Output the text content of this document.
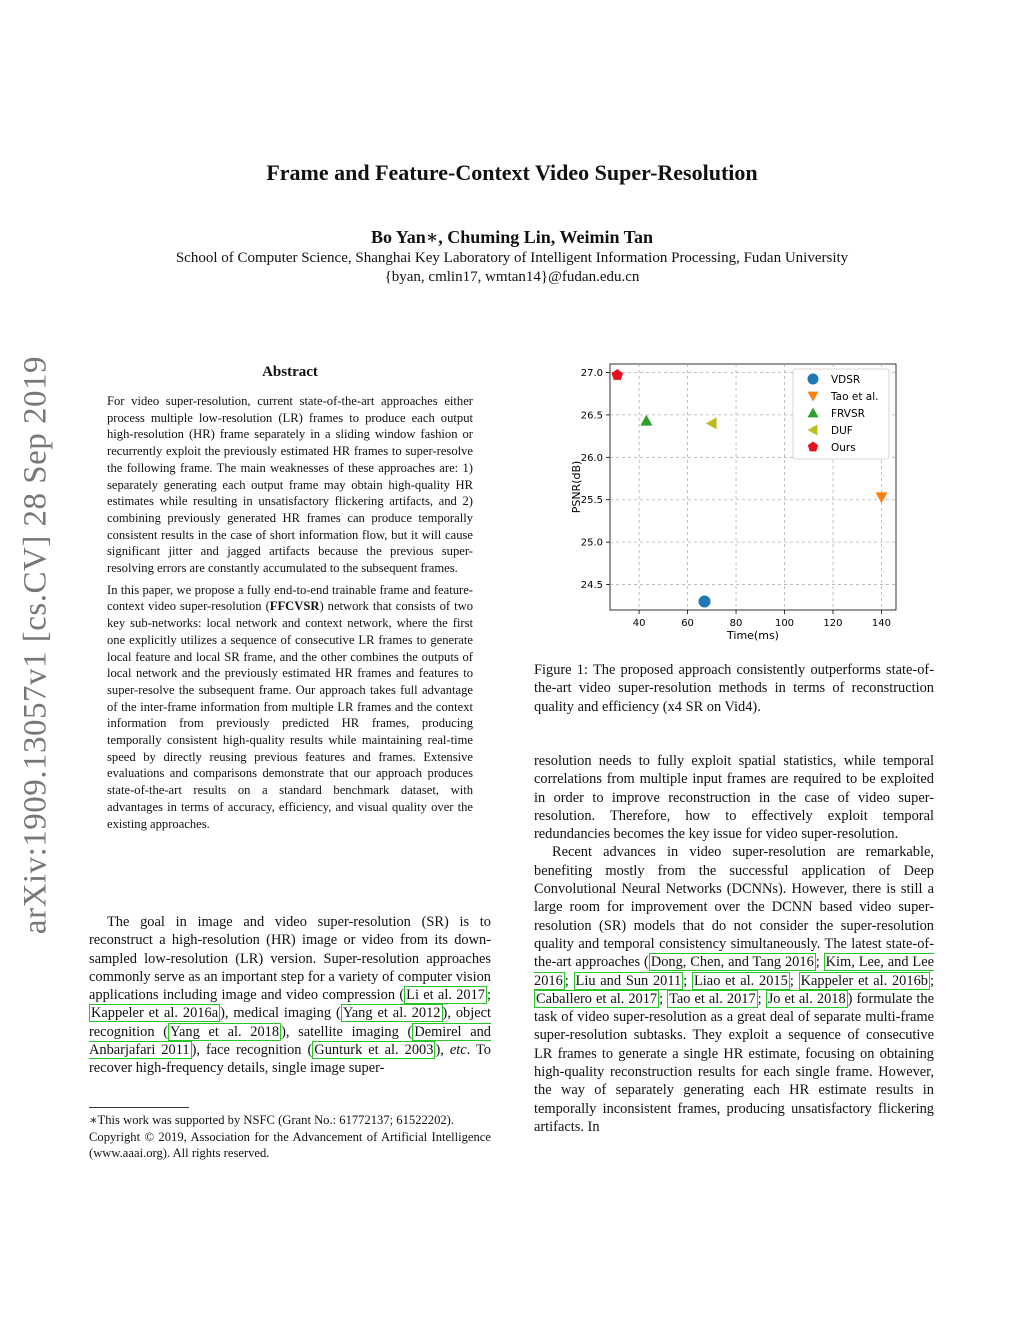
arXiv:1909.13057v1 [cs.CV] 28 Sep 2019
Frame and Feature-Context Video Super-Resolution
Bo Yan∗, Chuming Lin, Weimin Tan
School of Computer Science, Shanghai Key Laboratory of Intelligent Information Processing, Fudan University
{byan, cmlin17, wmtan14}@fudan.edu.cn
Abstract

For video super-resolution, current state-of-the-art approaches either process multiple low-resolution (LR) frames to produce each output high-resolution (HR) frame separately in a sliding window fashion or recurrently exploit the previously estimated HR frames to super-resolve the following frame. The main weaknesses of these approaches are: 1) separately generating each output frame may obtain high-quality HR estimates while resulting in unsatisfactory flickering artifacts, and 2) combining previously generated HR frames can produce temporally consistent results in the case of short information flow, but it will cause significant jitter and jagged artifacts because the previous super-resolving errors are constantly accumulated to the subsequent frames.

In this paper, we propose a fully end-to-end trainable frame and feature-context video super-resolution (FFCVSR) network that consists of two key sub-networks: local network and context network, where the first one explicitly utilizes a sequence of consecutive LR frames to generate local feature and local SR frame, and the other combines the outputs of local network and the previously estimated HR frames and features to super-resolve the subsequent frame. Our approach takes full advantage of the inter-frame information from multiple LR frames and the context information from previously predicted HR frames, producing temporally consistent high-quality results while maintaining real-time speed by directly reusing previous features and frames. Extensive evaluations and comparisons demonstrate that our approach produces state-of-the-art results on a standard benchmark dataset, with advantages in terms of accuracy, efficiency, and visual quality over the existing approaches.

The goal in image and video super-resolution (SR) is to reconstruct a high-resolution (HR) image or video from its down-sampled low-resolution (LR) version. Super-resolution approaches commonly serve as an important step for a variety of computer vision applications including image and video compression ( Li et al. 2017 ; Kappeler et al. 2016a ), medical imaging ( Yang et al. 2012 ), object recognition ( Yang et al. 2018 ), satellite imaging ( Demirel and Anbarjafari 2011 ), face recognition ( Gunturk et al. 2003 ), etc. To recover high-frequency details, single image super-

∗This work was supported by NSFC (Grant No.: 61772137; 61522202).

Copyright © 2019, Association for the Advancement of Artificial Intelligence (www.aaai.org). All rights reserved.

40	60	80	100	120	140
24.5
25.0
25.5
26.0
26.5
27.0
Time(ms)
PSNR(dB)
VDSR
Tao et al.
FRVSR
DUF
Ours
Figure 1: The proposed approach consistently outperforms state-of-the-art video super-resolution methods in terms of reconstruction quality and efficiency (x4 SR on Vid4).

resolution needs to fully exploit spatial statistics, while temporal correlations from multiple input frames are required to be exploited in order to improve reconstruction in the case of video super-resolution. Therefore, how to effectively exploit temporal redundancies becomes the key issue for video super-resolution.

Recent advances in video super-resolution are remarkable, benefiting mostly from the successful application of Deep Convolutional Neural Networks (DCNNs). However, there is still a large room for improvement over the DCNN based video super-resolution (SR) models that do not consider the super-resolution quality and temporal consistency simultaneously. The latest state-of-the-art approaches ( Dong, Chen, and Tang 2016 ; Kim, Lee, and Lee 2016 ; Liu and Sun 2011 ; Liao et al. 2015 ; Kappeler et al. 2016b ; Caballero et al. 2017 ; Tao et al. 2017 ; Jo et al. 2018 ) formulate the task of video super-resolution as a great deal of separate multi-frame super-resolution subtasks. They exploit a sequence of consecutive LR frames to generate a single HR estimate, focusing on obtaining high-quality reconstruction results for each single frame. However, the way of separately generating each HR estimate results in temporally inconsistent frames, producing unsatisfactory flickering artifacts. In
